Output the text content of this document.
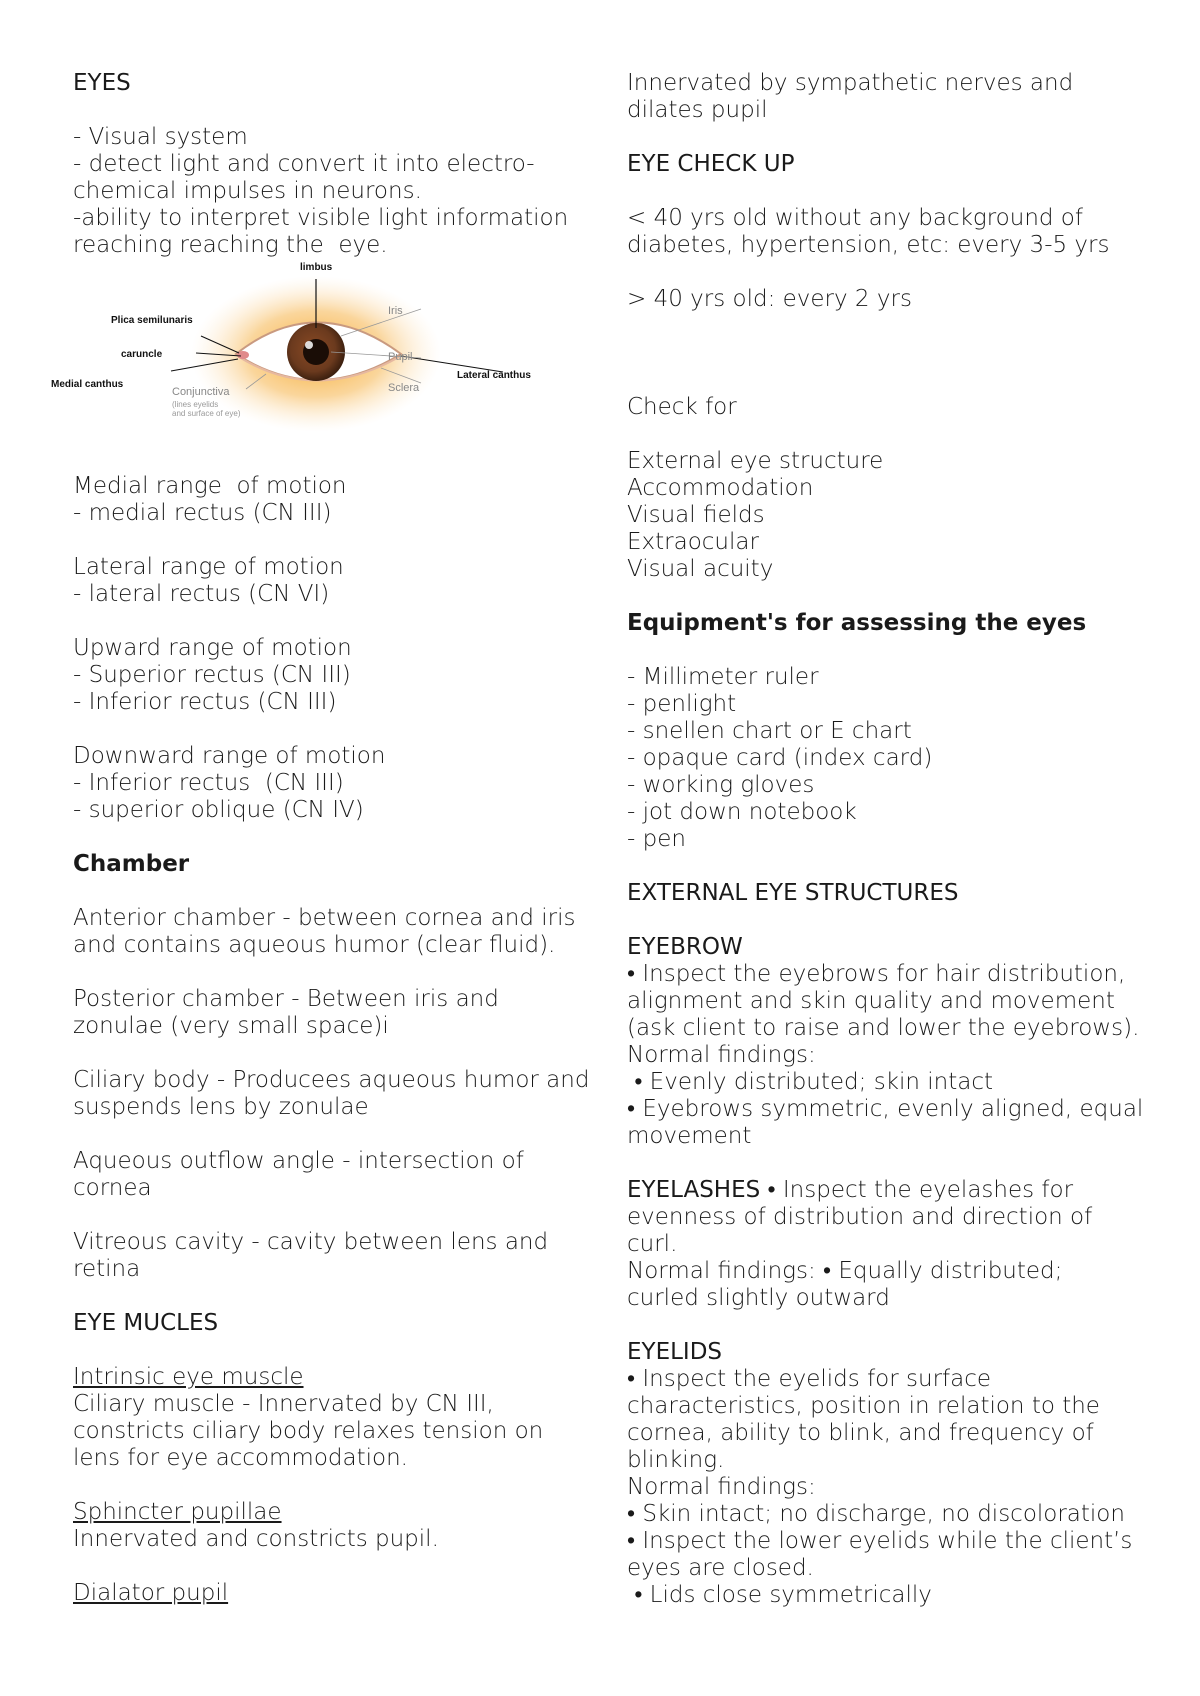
EYES

- Visual system

- detect light and convert it into electro-

chemical impulses in neurons.

-ability to interpret visible light information

reaching reaching the  eye.

limbus
Plica semilunaris
caruncle
Medial canthus
Lateral canthus
Iris
Pupil
Sclera
Conjunctiva
(lines eyelids
and surface of eye)

Medial range  of motion

- medial rectus (CN III)

Lateral range of motion

- lateral rectus (CN VI)

Upward range of motion

- Superior rectus (CN III)

- Inferior rectus (CN III)

Downward range of motion

- Inferior rectus  (CN III)

- superior oblique (CN IV)

Chamber

Anterior chamber - between cornea and iris

and contains aqueous humor (clear fluid).

Posterior chamber - Between iris and

zonulae (very small space)i

Ciliary body - Producees aqueous humor and

suspends lens by zonulae

Aqueous outflow angle - intersection of

cornea

Vitreous cavity - cavity between lens and

retina

EYE MUCLES

Intrinsic eye muscle

Ciliary muscle - Innervated by CN III,

constricts ciliary body relaxes tension on

lens for eye accommodation.

Sphincter pupillae

Innervated and constricts pupil.

Dialator pupil

Innervated by sympathetic nerves and

dilates pupil

EYE CHECK UP

< 40 yrs old without any background of

diabetes, hypertension, etc: every 3-5 yrs

> 40 yrs old: every 2 yrs

Check for

External eye structure

Accommodation

Visual fields

Extraocular

Visual acuity

Equipment's for assessing the eyes

- Millimeter ruler

- penlight

- snellen chart or E chart

- opaque card (index card)

- working gloves

- jot down notebook

- pen

EXTERNAL EYE STRUCTURES

EYEBROW

• Inspect the eyebrows for hair distribution,

alignment and skin quality and movement

(ask client to raise and lower the eyebrows).

Normal findings:

• Evenly distributed; skin intact

• Eyebrows symmetric, evenly aligned, equal

movement

EYELASHES • Inspect the eyelashes for

evenness of distribution and direction of curl.

Normal findings: • Equally distributed;

curled slightly outward

EYELIDS

• Inspect the eyelids for surface

characteristics, position in relation to the

cornea, ability to blink, and frequency of

blinking.

Normal findings:

• Skin intact; no discharge, no discoloration

• Inspect the lower eyelids while the client’s

eyes are closed.

• Lids close symmetrically
